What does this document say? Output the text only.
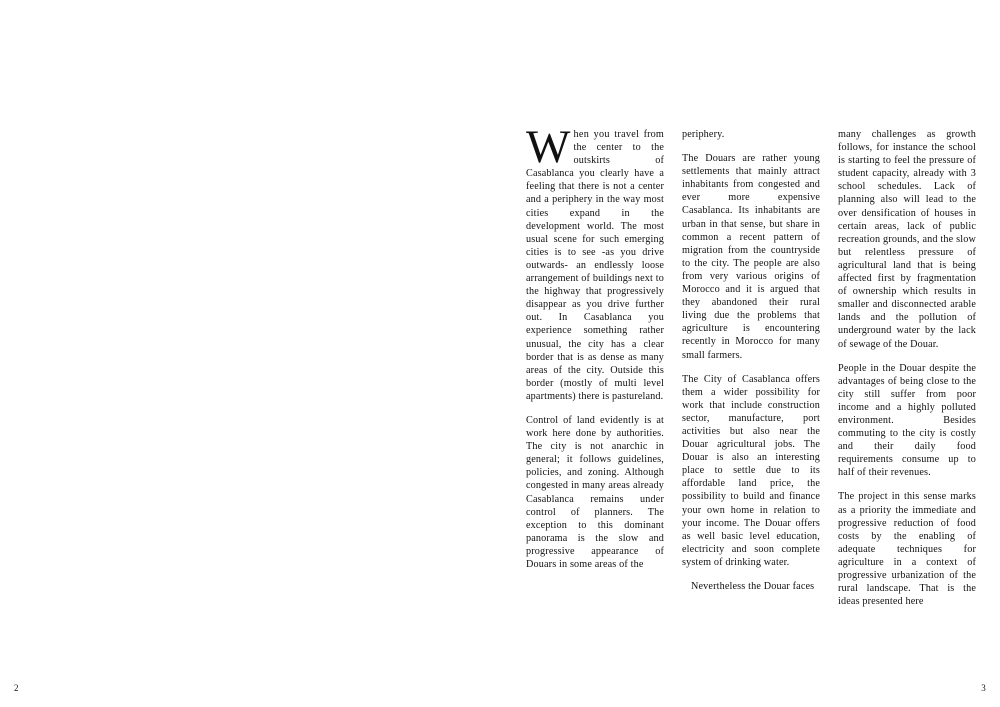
2

When you travel from the center to the outskirts of Casablanca you clearly have a feeling that there is not a center and a periphery in the way most cities expand in the development world. The most usual scene for such emerging cities is to see -as you drive outwards- an endlessly loose arrangement of buildings next to the highway that progressively disappear as you drive further out. In Casablanca you experience something rather unusual, the city has a clear border that is as dense as many areas of the city. Outside this border (mostly of multi level apartments) there is pastureland.

Control of land evidently is at work here done by authorities. The city is not anarchic in general; it follows guidelines, policies, and zoning. Although congested in many areas already Casablanca remains under control of planners. The exception to this dominant panorama is the slow and progressive appearance of Douars in some areas of the

periphery.

The Douars are rather young settlements that mainly attract inhabitants from congested and ever more expensive Casablanca. Its inhabitants are urban in that sense, but share in common a recent pattern of migration from the countryside to the city. The people are also from very various origins of Morocco and it is argued that they abandoned their rural living due the problems that agriculture is encountering recently in Morocco for many small farmers.

The City of Casablanca offers them a wider possibility for work that include construction sector, manufacture, port activities but also near the Douar agricultural jobs. The Douar is also an interesting place to settle due to its affordable land price, the possibility to build and finance your own home in relation to your income. The Douar offers as well basic level education, electricity and soon complete system of drinking water.

Nevertheless the Douar faces

many challenges as growth follows, for instance the school is starting to feel the pressure of student capacity, already with 3 school schedules. Lack of planning also will lead to the over densification of houses in certain areas, lack of public recreation grounds, and the slow but relentless pressure of agricultural land that is being affected first by fragmentation of ownership which results in smaller and disconnected arable lands and the pollution of underground water by the lack of sewage of the Douar.

People in the Douar despite the advantages of being close to the city still suffer from poor income and a highly polluted environment. Besides commuting to the city is costly and their daily food requirements consume up to half of their revenues.

The project in this sense marks as a priority the immediate and progressive reduction of food costs by the enabling of adequate techniques for agriculture in a context of progressive urbanization of the rural landscape. That is the ideas presented here

3
